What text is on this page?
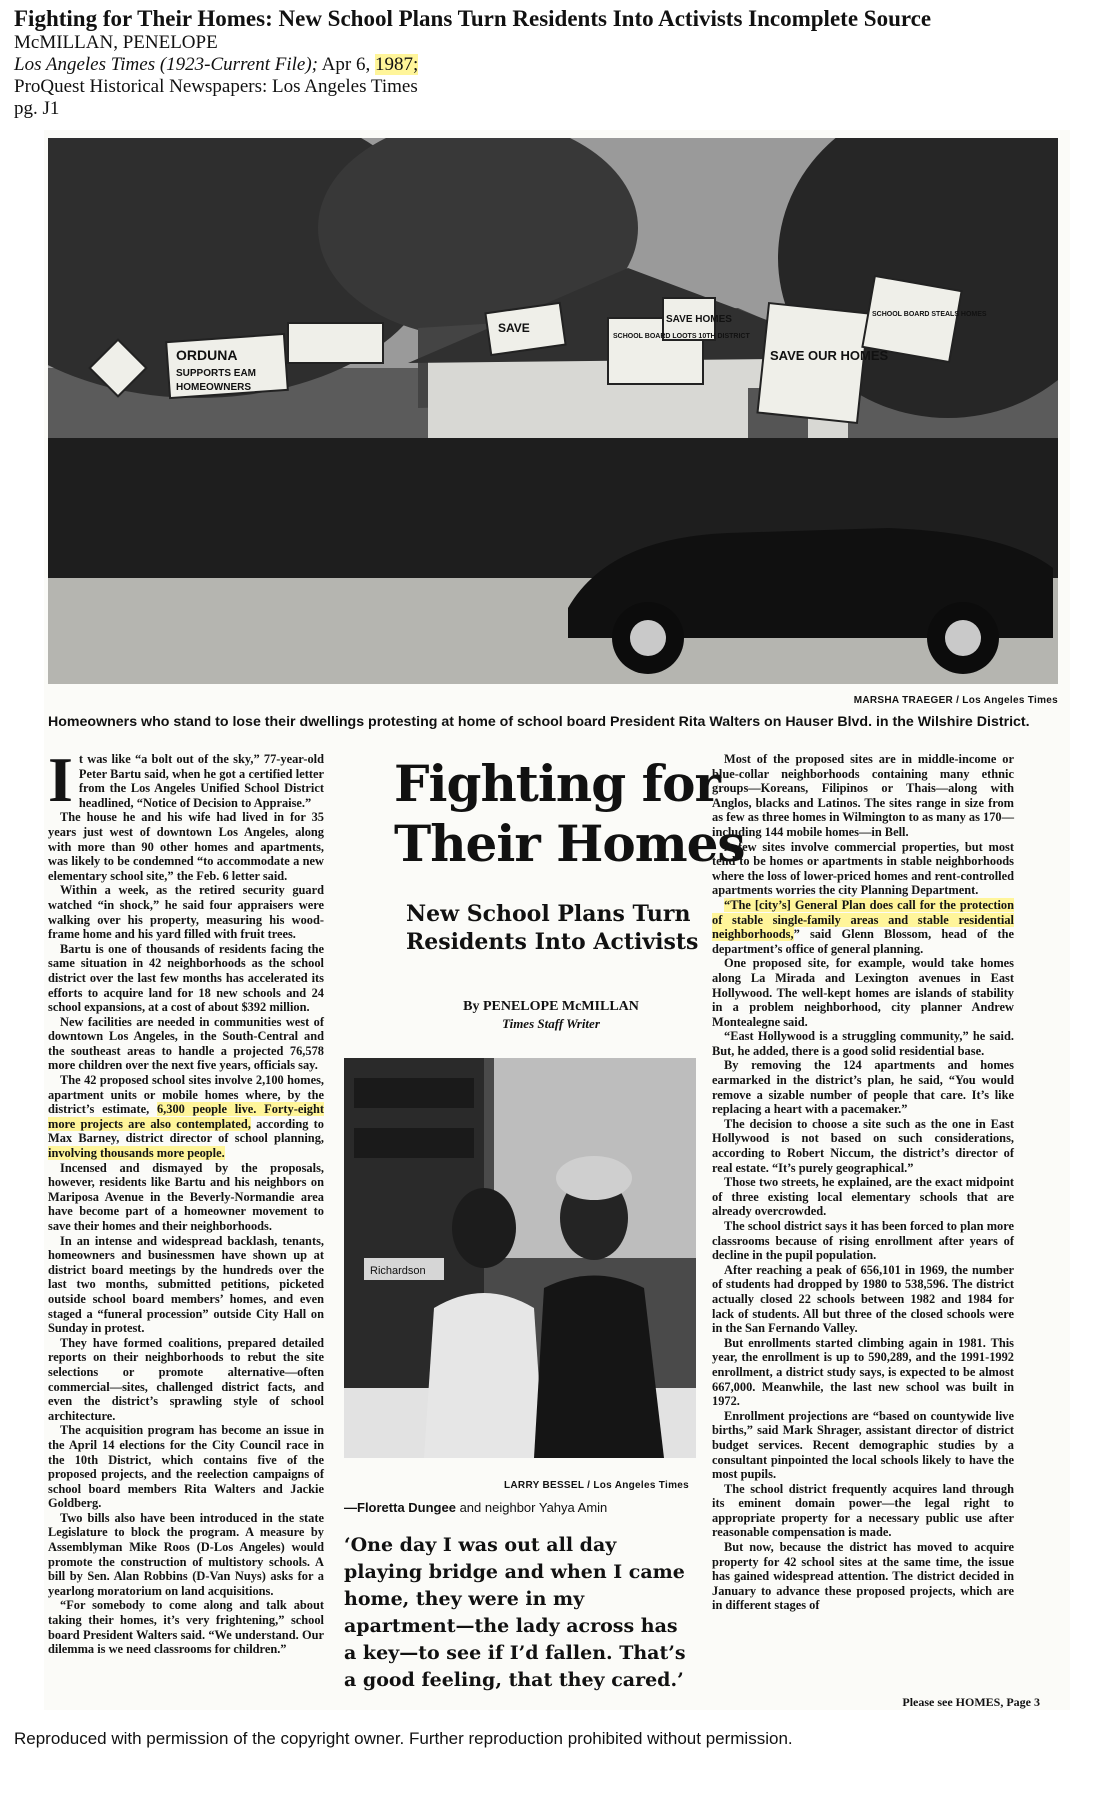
Fighting for Their Homes: New School Plans Turn Residents Into Activists Incomplete Source
McMILLAN, PENELOPE
Los Angeles Times (1923-Current File); Apr 6, 1987;
ProQuest Historical Newspapers: Los Angeles Times
pg. J1
ORDUNA
SUPPORTS EAM
HOMEOWNERS
SAVE
SAVE HOMES
SCHOOL BOARD LOOTS 10TH DISTRICT
SAVE OUR HOMES
SCHOOL BOARD STEALS HOMES
MARSHA TRAEGER / Los Angeles Times
Homeowners who stand to lose their dwellings protesting at home of school board President Rita Walters on Hauser Blvd. in the Wilshire District.

It was like “a bolt out of the sky,” 77-year-old Peter Bartu said, when he got a certified letter from the Los Angeles Unified School District headlined, “Notice of Decision to Appraise.”

The house he and his wife had lived in for 35 years just west of downtown Los Angeles, along with more than 90 other homes and apartments, was likely to be condemned “to accommodate a new elementary school site,” the Feb. 6 letter said.

Within a week, as the retired security guard watched “in shock,” he said four appraisers were walking over his property, measuring his wood-frame home and his yard filled with fruit trees.

Bartu is one of thousands of residents facing the same situation in 42 neighborhoods as the school district over the last few months has accelerated its efforts to acquire land for 18 new schools and 24 school expansions, at a cost of about $392 million.

New facilities are needed in communities west of downtown Los Angeles, in the South-Central and the southeast areas to handle a projected 76,578 more children over the next five years, officials say.

The 42 proposed school sites involve 2,100 homes, apartment units or mobile homes where, by the district’s estimate, 6,300 people live. Forty-eight more projects are also contemplated, according to Max Barney, district director of school planning, involving thousands more people.

Incensed and dismayed by the proposals, however, residents like Bartu and his neighbors on Mariposa Avenue in the Beverly-Normandie area have become part of a homeowner movement to save their homes and their neighborhoods.

In an intense and widespread backlash, tenants, homeowners and businessmen have shown up at district board meetings by the hundreds over the last two months, submitted petitions, picketed outside school board members’ homes, and even staged a “funeral procession” outside City Hall on Sunday in protest.

They have formed coalitions, prepared detailed reports on their neighborhoods to rebut the site selections or promote alternative—often commercial—sites, challenged district facts, and even the district’s sprawling style of school architecture.

The acquisition program has become an issue in the April 14 elections for the City Council race in the 10th District, which contains five of the proposed projects, and the reelection campaigns of school board members Rita Walters and Jackie Goldberg.

Two bills also have been introduced in the state Legislature to block the program. A measure by Assemblyman Mike Roos (D-Los Angeles) would promote the construction of multistory schools. A bill by Sen. Alan Robbins (D-Van Nuys) asks for a yearlong moratorium on land acquisitions.

“For somebody to come along and talk about taking their homes, it’s very frightening,” school board President Walters said. “We understand. Our dilemma is we need classrooms for children.”

Fighting for
Their Homes
New School Plans Turn Residents Into Activists
By PENELOPE McMILLAN
Times Staff Writer
Richardson
LARRY BESSEL / Los Angeles Times
—Floretta Dungee and neighbor Yahya Amin
‘One day I was out all day playing bridge and when I came home, they were in my apartment—the lady across has a key—to see if I’d fallen. That’s a good feeling, that they cared.’

Most of the proposed sites are in middle-income or blue-collar neighborhoods containing many ethnic groups—Koreans, Filipinos or Thais—along with Anglos, blacks and Latinos. The sites range in size from as few as three homes in Wilmington to as many as 170—including 144 mobile homes—in Bell.

A few sites involve commercial properties, but most tend to be homes or apartments in stable neighborhoods where the loss of lower-priced homes and rent-controlled apartments worries the city Planning Department.

“The [city’s] General Plan does call for the protection of stable single-family areas and stable residential neighborhoods,” said Glenn Blossom, head of the department’s office of general planning.

One proposed site, for example, would take homes along La Mirada and Lexington avenues in East Hollywood. The well-kept homes are islands of stability in a problem neighborhood, city planner Andrew Montealegne said.

“East Hollywood is a struggling community,” he said. But, he added, there is a good solid residential base.

By removing the 124 apartments and homes earmarked in the district’s plan, he said, “You would remove a sizable number of people that care. It’s like replacing a heart with a pacemaker.”

The decision to choose a site such as the one in East Hollywood is not based on such considerations, according to Robert Niccum, the district’s director of real estate. “It’s purely geographical.”

Those two streets, he explained, are the exact midpoint of three existing local elementary schools that are already overcrowded.

The school district says it has been forced to plan more classrooms because of rising enrollment after years of decline in the pupil population.

After reaching a peak of 656,101 in 1969, the number of students had dropped by 1980 to 538,596. The district actually closed 22 schools between 1982 and 1984 for lack of students. All but three of the closed schools were in the San Fernando Valley.

But enrollments started climbing again in 1981. This year, the enrollment is up to 590,289, and the 1991-1992 enrollment, a district study says, is expected to be almost 667,000. Meanwhile, the last new school was built in 1972.

Enrollment projections are “based on countywide live births,” said Mark Shrager, assistant director of district budget services. Recent demographic studies by a consultant pinpointed the local schools likely to have the most pupils.

The school district frequently acquires land through its eminent domain power—the legal right to appropriate property for a necessary public use after reasonable compensation is made.

But now, because the district has moved to acquire property for 42 school sites at the same time, the issue has gained widespread attention. The district decided in January to advance these proposed projects, which are in different stages of

Please see HOMES, Page 3
Reproduced with permission of the copyright owner. Further reproduction prohibited without permission.
